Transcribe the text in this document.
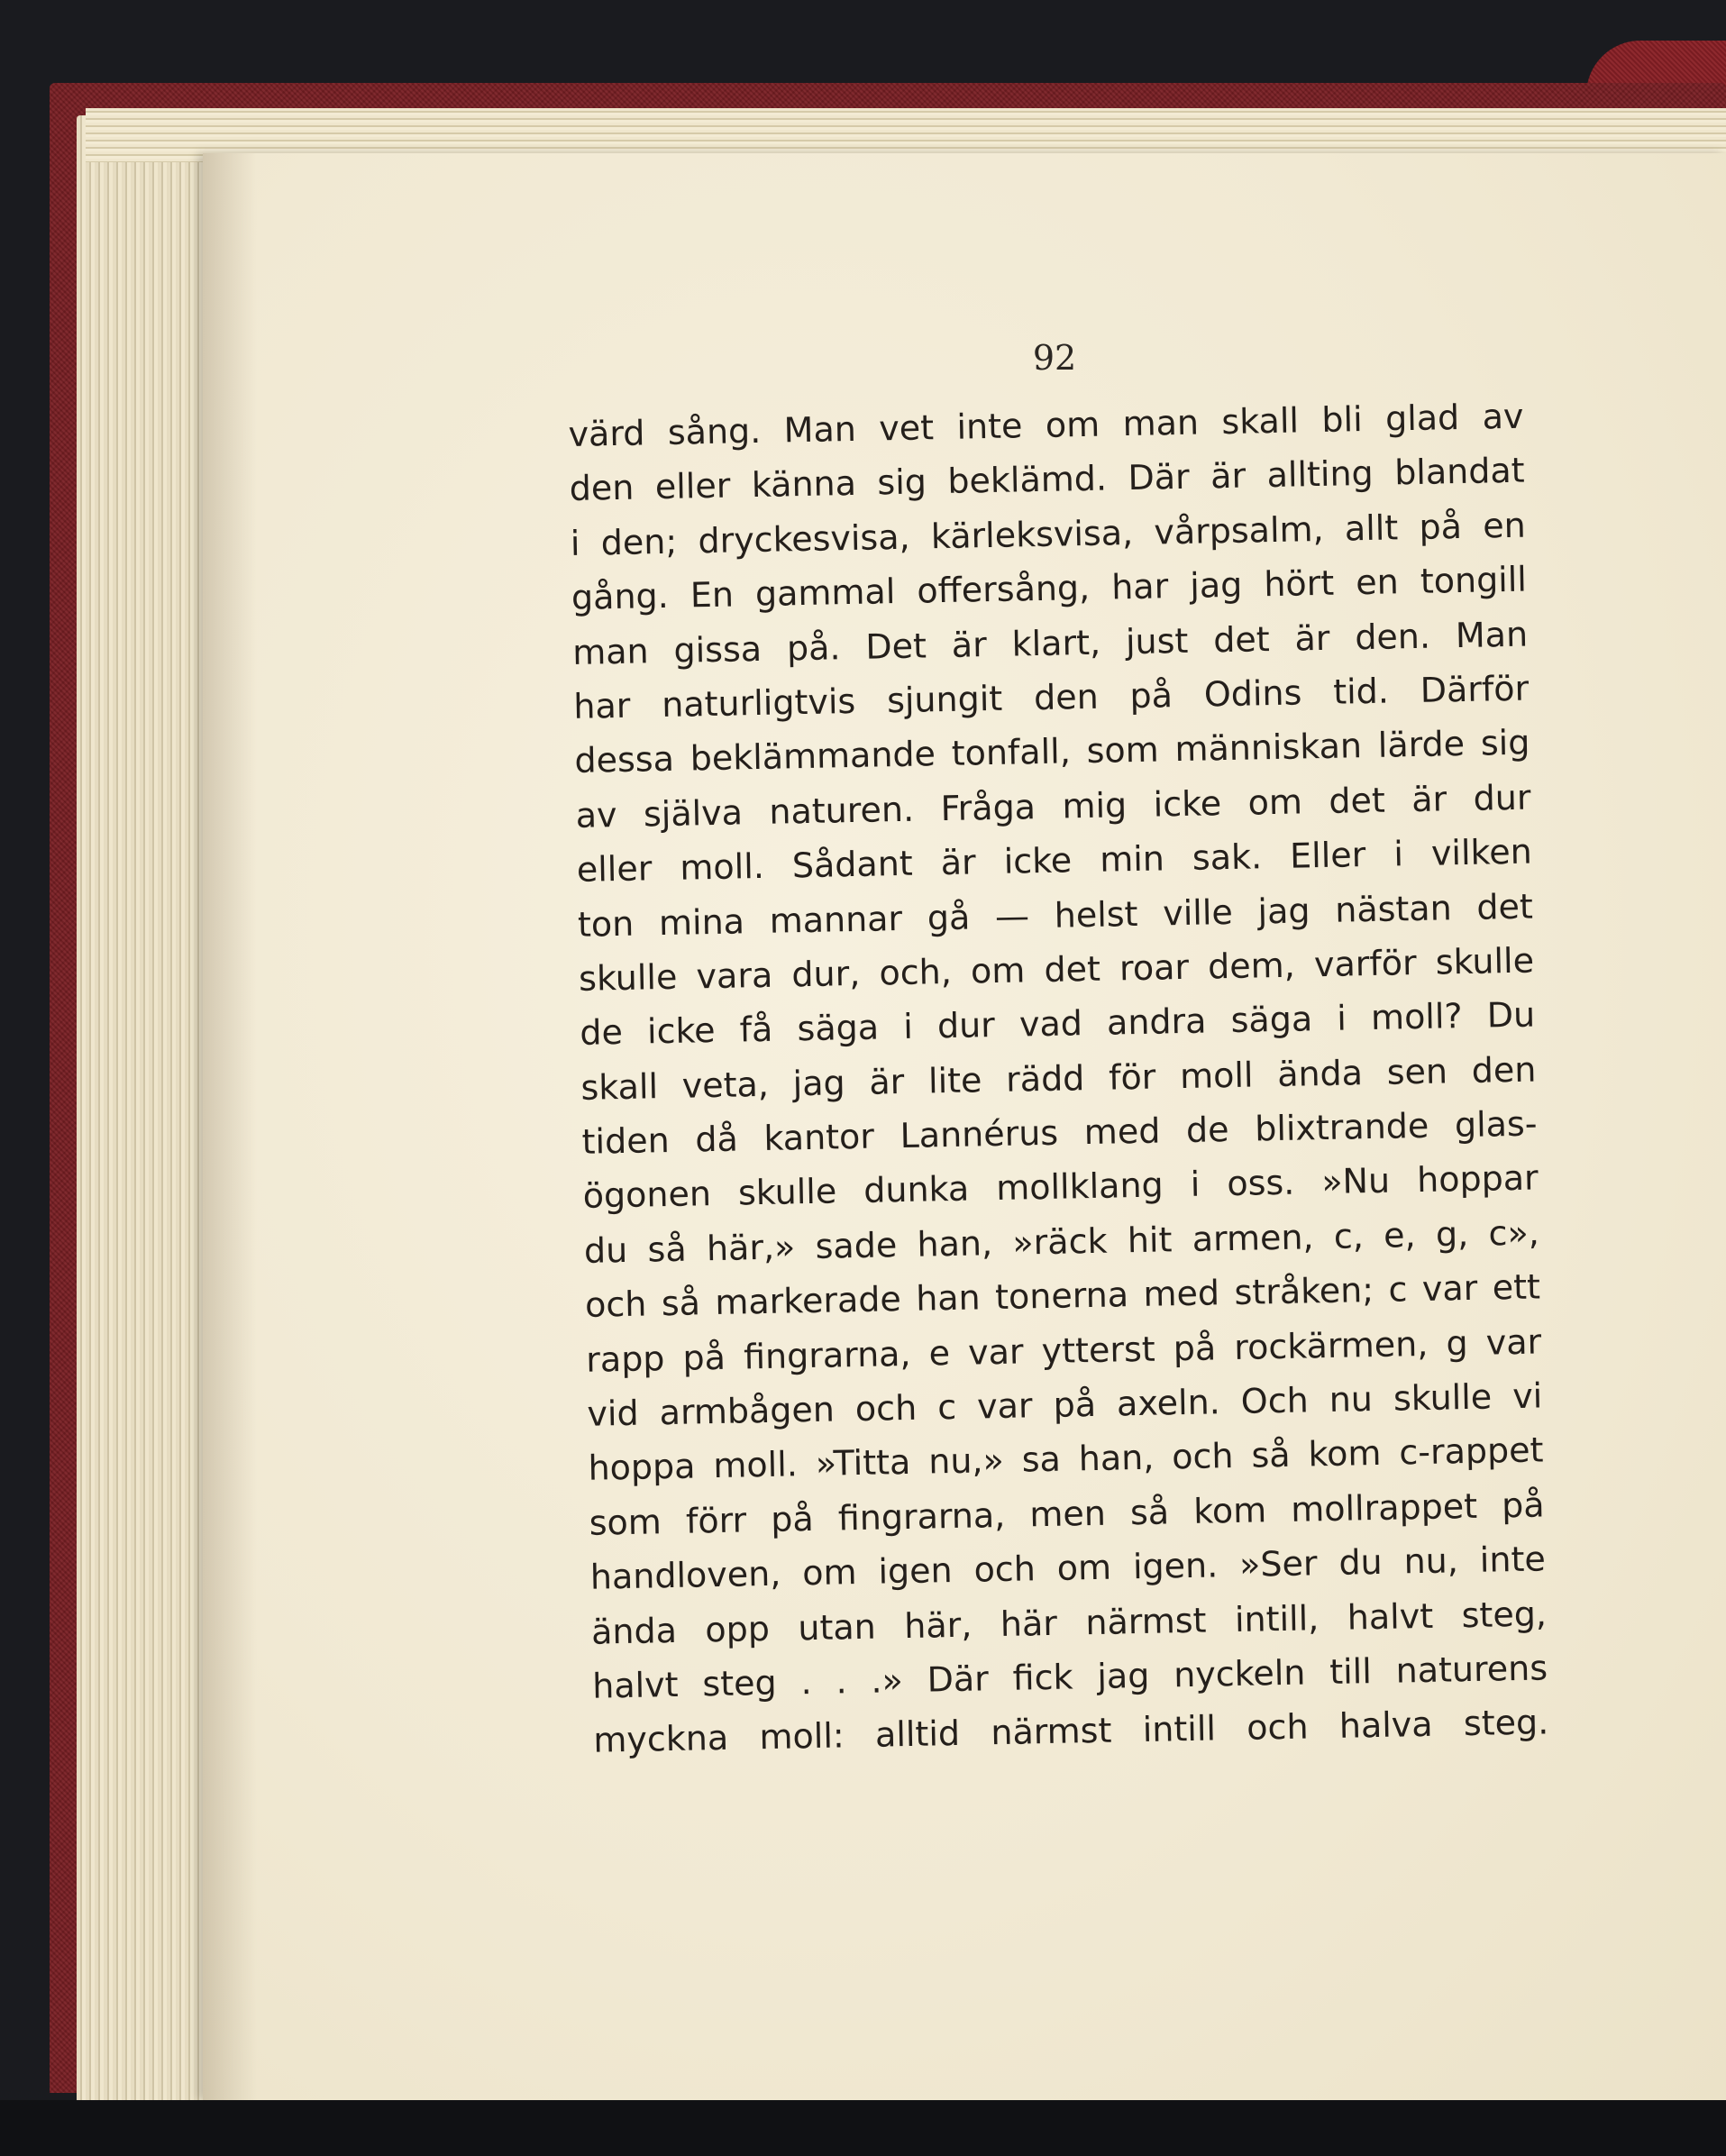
92
värd sång. Man vet inte om man skall bli glad av
den eller känna sig beklämd. Där är allting blandat
i den; dryckesvisa, kärleksvisa, vårpsalm, allt på en
gång. En gammal offersång, har jag hört en tongill
man gissa på. Det är klart, just det är den. Man
har naturligtvis sjungit den på Odins tid. Därför
dessa beklämmande tonfall, som människan lärde sig
av själva naturen. Fråga mig icke om det är dur
eller moll. Sådant är icke min sak. Eller i vilken
ton mina mannar gå — helst ville jag nästan det
skulle vara dur, och, om det roar dem, varför skulle
de icke få säga i dur vad andra säga i moll? Du
skall veta, jag är lite rädd för moll ända sen den
tiden då kantor Lannérus med de blixtrande glas-
ögonen skulle dunka mollklang i oss. »Nu hoppar
du så här,» sade han, »räck hit armen, c, e, g, c»,
och så markerade han tonerna med stråken; c var ett
rapp på fingrarna, e var ytterst på rockärmen, g var
vid armbågen och c var på axeln. Och nu skulle vi
hoppa moll. »Titta nu,» sa han, och så kom c-rappet
som förr på fingrarna, men så kom mollrappet på
handloven, om igen och om igen. »Ser du nu, inte
ända opp utan här, här närmst intill, halvt steg,
halvt steg . . .» Där fick jag nyckeln till naturens
myckna moll: alltid närmst intill och halva steg.
